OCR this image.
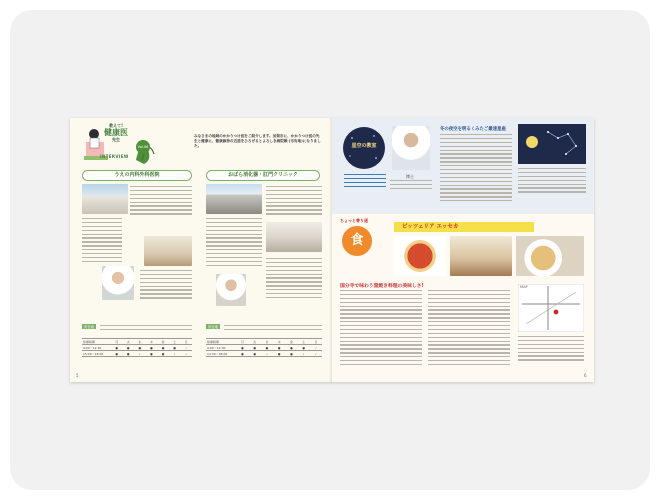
教えて!
健康医
先生
INTERVIEW
Vol.06
みなさまの地域のかかりつけ医をご紹介します。加賀市に、かかりつけ医の先生と健康に、健康維持の近道をひろげるとよろしき病院順 (市有地)になりました。
うえの内科外科医院
所在地
診療時間	月	火	水	木	金	土	日
9:00〜12:30	●	●	●	●	●	●	/
15:00〜18:00	●	●	/	●	●	/	/
おばら消化器・肛門クリニック
所在地
診療時間	月	火	水	木	金	土	日
9:00〜12:30	●	●	●	●	●	●	/
14:30〜18:00	●	●	/	●	●	/	/
5
星空の教室
博士
冬の夜空を明るくみたご最速星座
ちょっと寄り道
食
ピッツェリア エッセカ
国分寺で味わう窯焼き料理の美味しさ!	MAP
6
